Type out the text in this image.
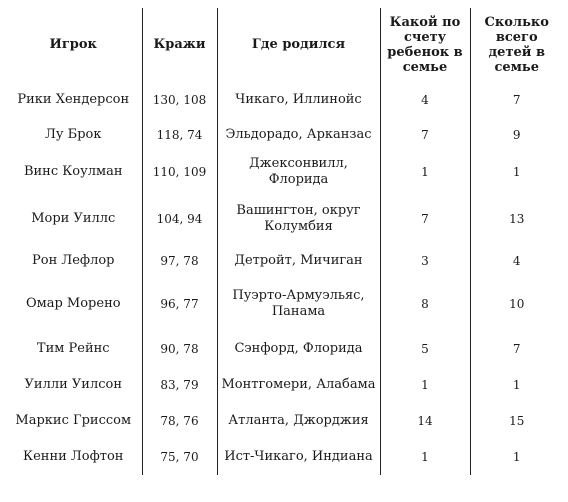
Игрок	Кражи	Где родился	Какой по счету ребенок в семье	Сколько всего детей в семье
Рики Хендерсон	130, 108	Чикаго, Иллинойс	4	7
Лу Брок	118, 74	Эльдорадо, Арканзас	7	9
Винс Коулман	110, 109	Джексонвилл, Флорида	1	1
Мори Уиллс	104, 94	Вашингтон, округ Колумбия	7	13
Рон Лефлор	97, 78	Детройт, Мичиган	3	4
Омар Морено	96, 77	Пуэрто-Армуэльяс, Панама	8	10
Тим Рейнс	90, 78	Сэнфорд, Флорида	5	7
Уилли Уилсон	83, 79	Монтгомери, Алабама	1	1
Маркис Гриссом	78, 76	Атланта, Джорджия	14	15
Кенни Лофтон	75, 70	Ист-Чикаго, Индиана	1	1
